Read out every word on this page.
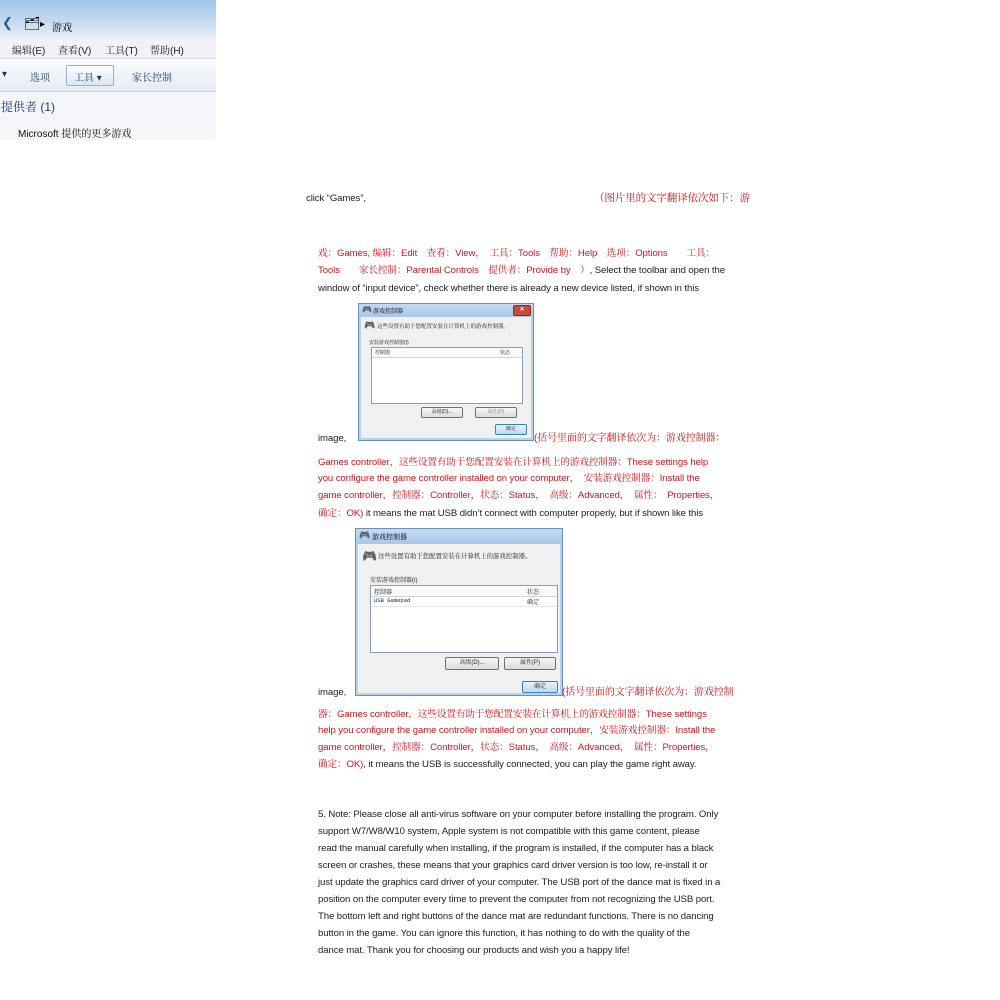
❮ 🗂 ▸ 游戏
编辑(E) 查看(V) 工具(T) 帮助(H)
▾ 选项 工具 ▾	家长控制
提供者 (1)
Microsoft 提供的更多游戏
click “Games”,	（图片里的文字翻译依次如下：游
戏：Games, 编辑：Edit　查看：View，　工具：Tools　帮助：Help　选项：Options　　工具：
Tools　　家长控制：Parental Controls　提供者：Provide by　）, Select the toolbar and open the
window of “input device”, check whether there is already a new device listed, if shown in this
🎮 游戏控制器	✕
🎮 这些设置有助于您配置安装在计算机上的游戏控制器。
安装游戏控制器(I)
控制器	状态
高级(D)...	属性(P)
确定
image,	(括号里面的文字翻译依次为：游戏控制器：
Games controller，这些设置有助于您配置安装在计算机上的游戏控制器：These settings help
you configure the game controller installed on your computer，　安装游戏控制器：Install the
game controller，控制器：Controller，状态：Status，　高级：Advanced，　属性：　Properties，
确定：OK) it means the mat USB didn’t connect with computer properly, but if shown like this
🎮 游戏控制器
🎮 这些设置有助于您配置安装在计算机上的游戏控制器。
安装游戏控制器(I)
控制器	状态
USB Gamepad	确定
高级(D)...	属性(P)
确定
image,	(括号里面的文字翻译依次为：游戏控制
器：Games controller，这些设置有助于您配置安装在计算机上的游戏控制器：These settings
help you configure the game controller installed on your computer，安装游戏控制器：Install the
game controller，控制器：Controller，状态：Status，　高级：Advanced，　属性：Properties，
确定：OK), it means the USB is successfully connected, you can play the game right away.
5. Note: Please close all anti-virus software on your computer before installing the program. Only
support W7/W8/W10 system, Apple system is not compatible with this game content, please
read the manual carefully when installing, if the program is installed, if the computer has a black
screen or crashes, these means that your graphics card driver version is too low, re-install it or
just update the graphics card driver of your computer. The USB port of the dance mat is fixed in a
position on the computer every time to prevent the computer from not recognizing the USB port.
The bottom left and right buttons of the dance mat are redundant functions. There is no dancing
button in the game. You can ignore this function, it has nothing to do with the quality of the
dance mat. Thank you for choosing our products and wish you a happy life!
